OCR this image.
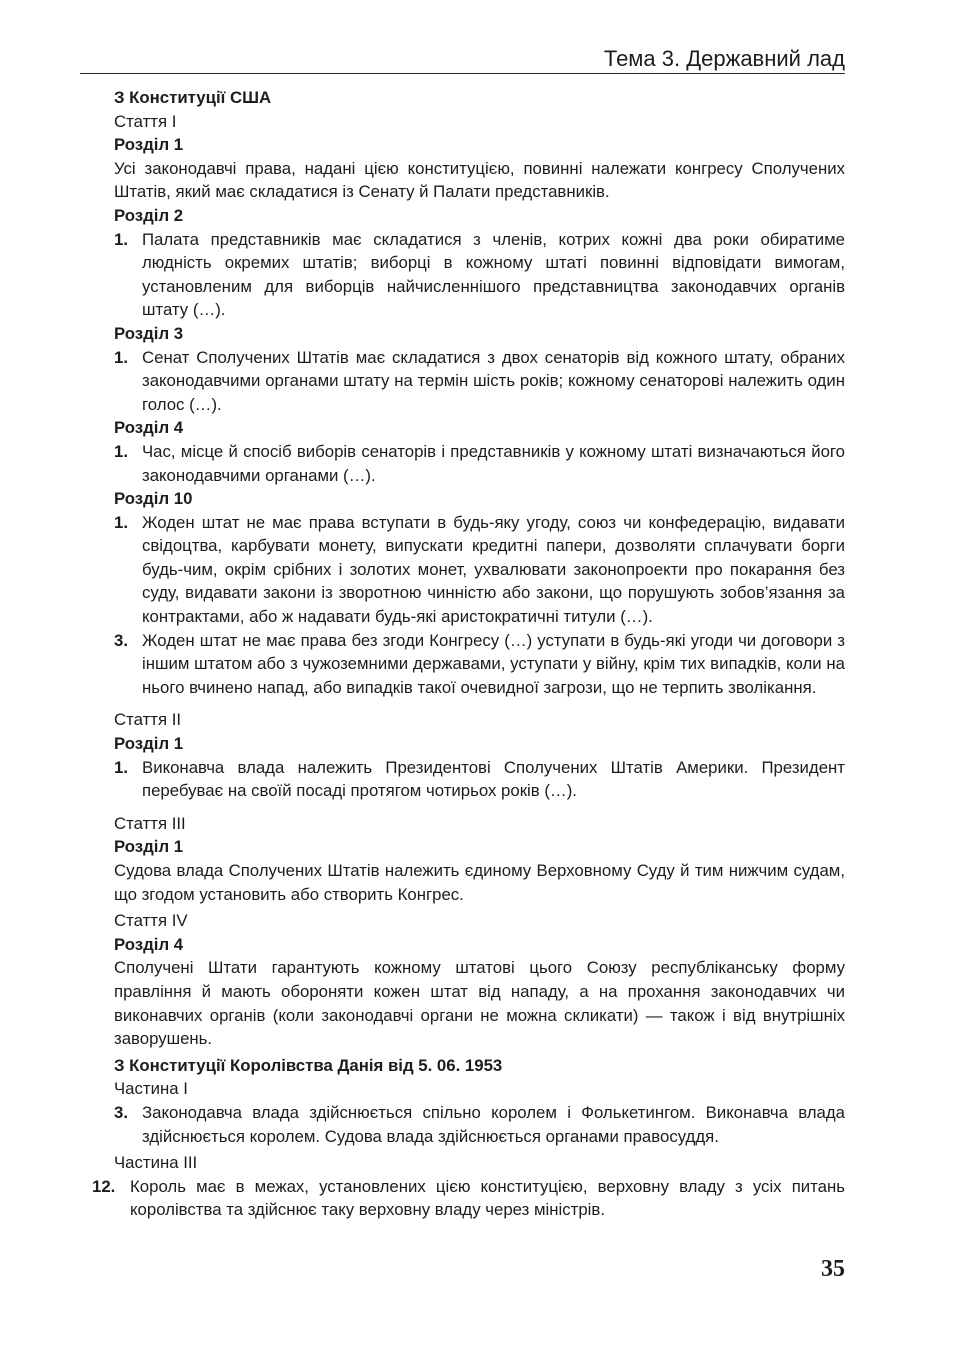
Тема 3. Державний лад

З Конституції США

Стаття І

Розділ 1

Усі законодавчі права, надані цією конституцією, повинні належати конгресу Сполучених Штатів, який має складатися із Сенату й Палати представників.

Розділ 2

1. Палата представників має складатися з членів, котрих кожні два роки обиратиме людність окремих штатів; виборці в кожному штаті повинні відповідати вимогам, установленим для виборців найчисленнішого представництва законодавчих органів штату (…).

Розділ 3

1. Сенат Сполучених Штатів має складатися з двох сенаторів від кожного штату, обраних законодавчими органами штату на термін шість років; кожному сенаторові належить один голос (…).

Розділ 4

1. Час, місце й спосіб виборів сенаторів і представників у кожному штаті визначаються його законодавчими органами (…).

Розділ 10

1. Жоден штат не має права вступати в будь-яку угоду, союз чи конфедерацію, видавати свідоцтва, карбувати монету, випускати кредитні папери, дозволяти сплачувати борги будь-чим, окрім срібних і золотих монет, ухвалювати законопроекти про покарання без суду, видавати закони із зворотною чинністю або закони, що порушують зобов’язання за контрактами, або ж надавати будь-які аристократичні титули (…).
3. Жоден штат не має права без згоди Конгресу (…) уступати в будь-які угоди чи договори з іншим штатом або з чужоземними державами, уступати у війну, крім тих випадків, коли на нього вчинено напад, або випадків такої очевидної загрози, що не терпить зволікання.

Стаття ІІ

Розділ 1

1. Виконавча влада належить Президентові Сполучених Штатів Америки. Президент перебуває на своїй посаді протягом чотирьох років (…).

Стаття ІІІ

Розділ 1

Судова влада Сполучених Штатів належить єдиному Верховному Суду й тим нижчим судам, що згодом установить або створить Конгрес.

Стаття ІV

Розділ 4

Сполучені Штати гарантують кожному штатові цього Союзу республіканську форму правління й мають обороняти кожен штат від нападу, а на прохання законодавчих чи виконавчих органів (коли законодавчі органи не можна скликати) — також і від внутрішніх заворушень.

З Конституції Королівства Данія від 5. 06. 1953

Частина І

3. Законодавча влада здійснюється спільно королем і Фолькетингом. Виконавча влада здійснюється королем. Судова влада здійснюється органами правосуддя.

Частина ІІІ

12. Король має в межах, установлених цією конституцією, верховну владу з усіх питань королівства та здійснює таку верховну владу через міністрів.
35
